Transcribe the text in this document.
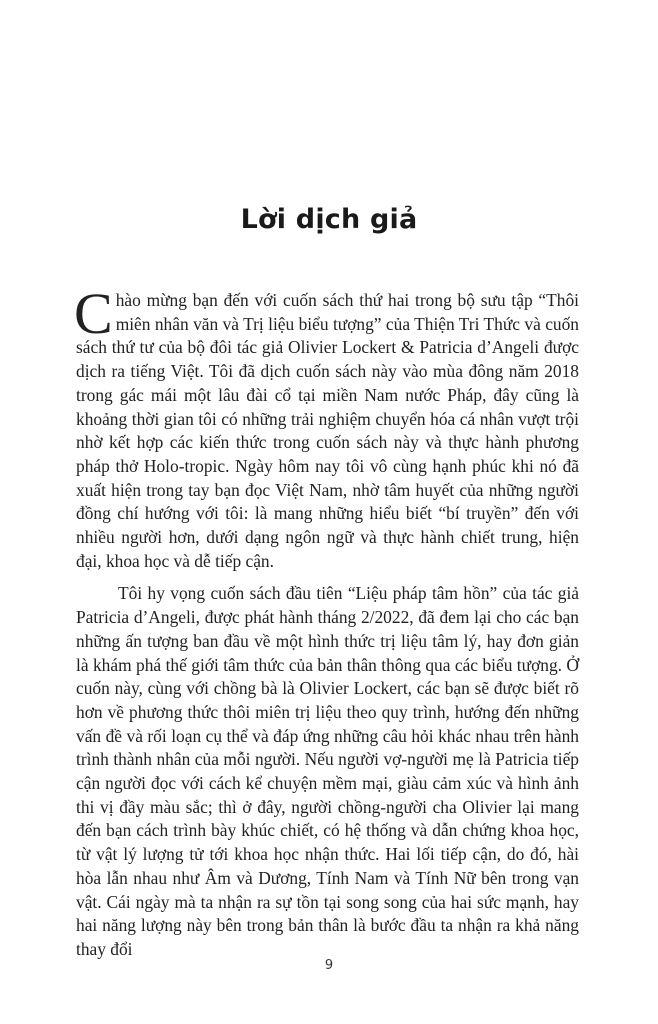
Lời dịch giả

Chào mừng bạn đến với cuốn sách thứ hai trong bộ sưu tập “Thôi miên nhân văn và Trị liệu biểu tượng” của Thiện Tri Thức và cuốn sách thứ tư của bộ đôi tác giả Olivier Lockert & Patricia d’Angeli được dịch ra tiếng Việt. Tôi đã dịch cuốn sách này vào mùa đông năm 2018 trong gác mái một lâu đài cổ tại miền Nam nước Pháp, đây cũng là khoảng thời gian tôi có những trải nghiệm chuyển hóa cá nhân vượt trội nhờ kết hợp các kiến thức trong cuốn sách này và thực hành phương pháp thở Holo-tropic. Ngày hôm nay tôi vô cùng hạnh phúc khi nó đã xuất hiện trong tay bạn đọc Việt Nam, nhờ tâm huyết của những người đồng chí hướng với tôi: là mang những hiểu biết “bí truyền” đến với nhiều người hơn, dưới dạng ngôn ngữ và thực hành chiết trung, hiện đại, khoa học và dễ tiếp cận.

Tôi hy vọng cuốn sách đầu tiên “Liệu pháp tâm hồn” của tác giả Patricia d’Angeli, được phát hành tháng 2/2022, đã đem lại cho các bạn những ấn tượng ban đầu về một hình thức trị liệu tâm lý, hay đơn giản là khám phá thế giới tâm thức của bản thân thông qua các biểu tượng. Ở cuốn này, cùng với chồng bà là Olivier Lockert, các bạn sẽ được biết rõ hơn về phương thức thôi miên trị liệu theo quy trình, hướng đến những vấn đề và rối loạn cụ thể và đáp ứng những câu hỏi khác nhau trên hành trình thành nhân của mỗi người. Nếu người vợ-người mẹ là Patricia tiếp cận người đọc với cách kể chuyện mềm mại, giàu cảm xúc và hình ảnh thi vị đầy màu sắc; thì ở đây, người chồng-người cha Olivier lại mang đến bạn cách trình bày khúc chiết, có hệ thống và dẫn chứng khoa học, từ vật lý lượng tử tới khoa học nhận thức. Hai lối tiếp cận, do đó, hài hòa lẫn nhau như Âm và Dương, Tính Nam và Tính Nữ bên trong vạn vật. Cái ngày mà ta nhận ra sự tồn tại song song của hai sức mạnh, hay hai năng lượng này bên trong bản thân là bước đầu ta nhận ra khả năng thay đổi

9
